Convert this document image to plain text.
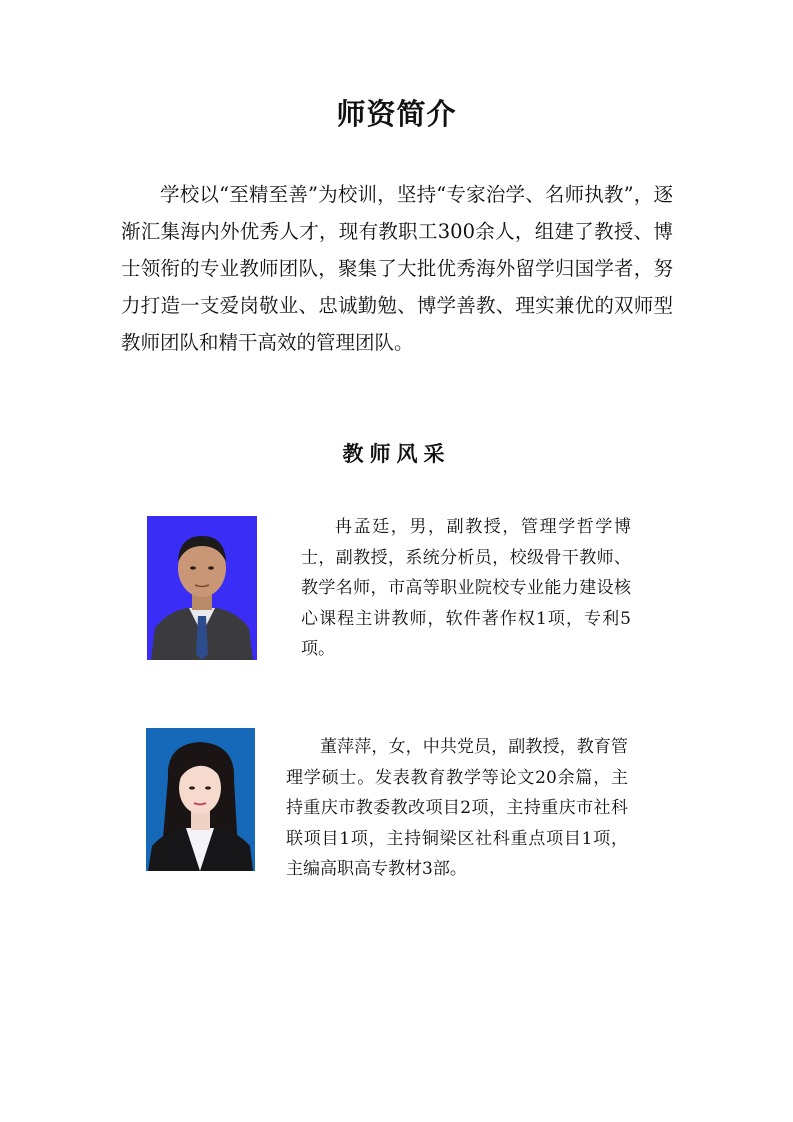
师资简介

学校以“至精至善”为校训，坚持“专家治学、名师执教”，逐渐汇集海内外优秀人才，现有教职工300余人，组建了教授、博士领衔的专业教师团队，聚集了大批优秀海外留学归国学者，努力打造一支爱岗敬业、忠诚勤勉、博学善教、理实兼优的双师型教师团队和精干高效的管理团队。

教师风采

冉孟廷，男，副教授，管理学哲学博士，副教授，系统分析员，校级骨干教师、教学名师，市高等职业院校专业能力建设核心课程主讲教师，软件著作权1项，专利5项。

董萍萍，女，中共党员，副教授，教育管理学硕士。发表教育教学等论文20余篇，主持重庆市教委教改项目2项，主持重庆市社科联项目1项，主持铜梁区社科重点项目1项，主编高职高专教材3部。
